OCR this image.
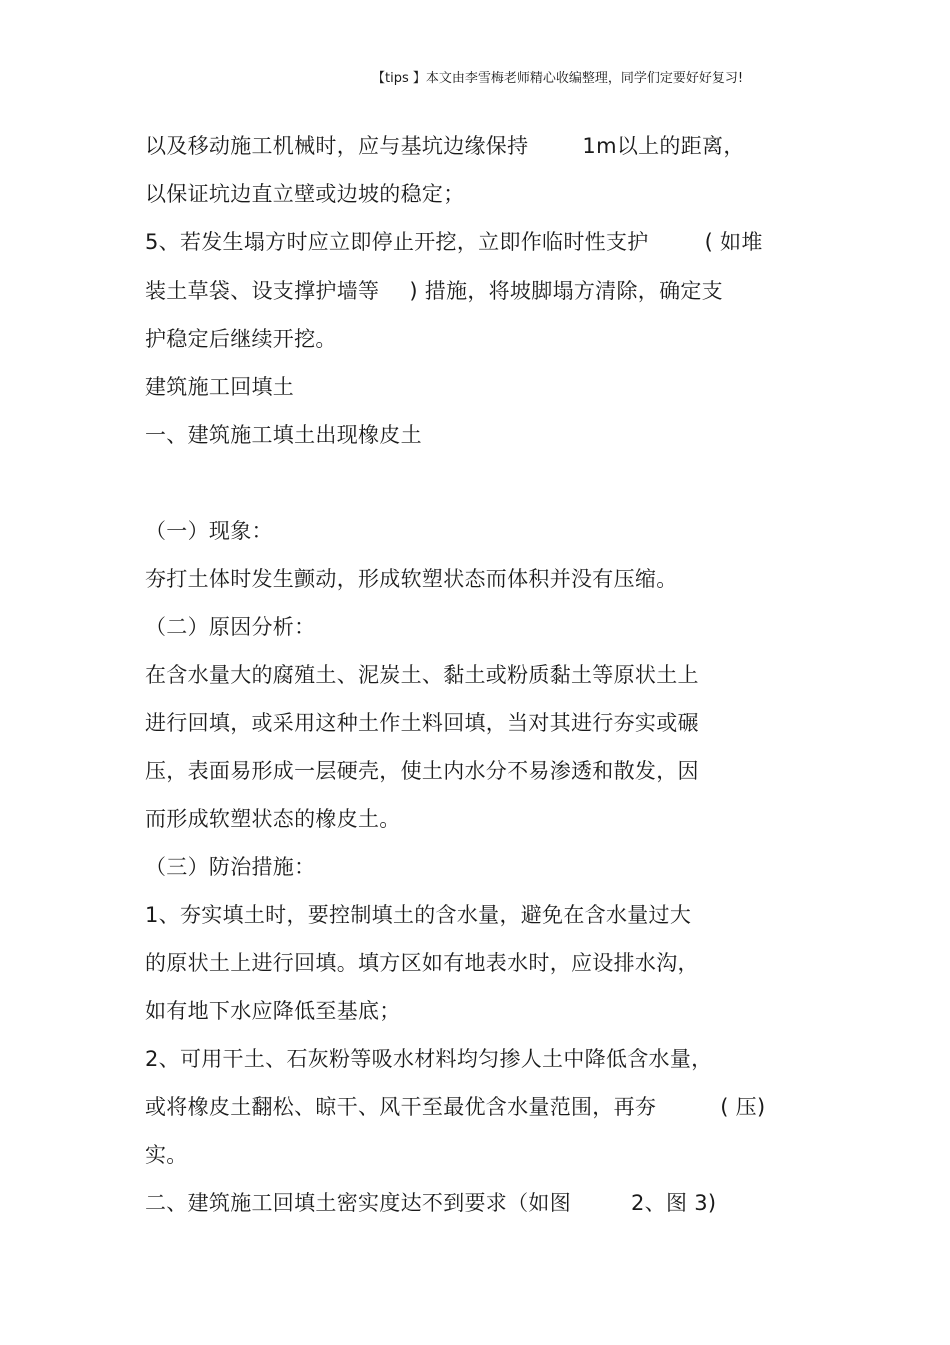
【tips 】本文由李雪梅老师精心收编整理，同学们定要好好复习!
以及移动施工机械时，应与基坑边缘保持	1m以上的距离，
以保证坑边直立壁或边坡的稳定；
5、若发生塌方时应立即停止开挖，立即作临时性支护	( 如堆
装土草袋、设支撑护墙等 ) 措施，将坡脚塌方清除，确定支
护稳定后继续开挖。
建筑施工回填土
一、建筑施工填土出现橡皮土
（一）现象：
夯打土体时发生颤动，形成软塑状态而体积并没有压缩。
（二）原因分析：
在含水量大的腐殖土、泥炭土、黏土或粉质黏土等原状土上
进行回填，或采用这种土作土料回填，当对其进行夯实或碾
压，表面易形成一层硬壳，使土内水分不易渗透和散发，因
而形成软塑状态的橡皮土。
（三）防治措施：
1、夯实填土时，要控制填土的含水量，避免在含水量过大
的原状土上进行回填。填方区如有地表水时，应设排水沟，
如有地下水应降低至基底；
2、可用干土、石灰粉等吸水材料均匀掺人土中降低含水量，
或将橡皮土翻松、晾干、风干至最优含水量范围，再夯	( 压)
实。
二、建筑施工回填土密实度达不到要求（如图	2、图 3)
